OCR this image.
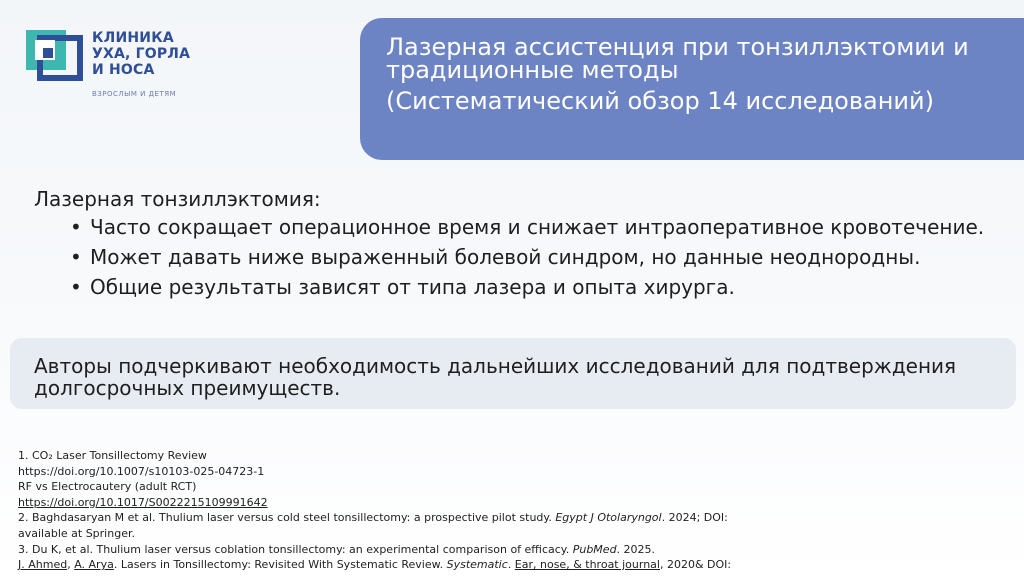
КЛИНИКА
УХА, ГОРЛА
И НОСА
ВЗРОСЛЫМ И ДЕТЯМ
Лазерная ассистенция при тонзиллэктомии и традиционные методы
(Систематический обзор 14 исследований)

Лазерная тонзиллэктомия:

• Часто сокращает операционное время и снижает интраоперативное кровотечение.
• Может давать ниже выраженный болевой синдром, но данные неоднородны.
• Общие результаты зависят от типа лазера и опыта хирурга.
Авторы подчеркивают необходимость дальнейших исследований для подтверждения долгосрочных преимуществ.
1. CO₂ Laser Tonsillectomy Review
https://doi.org/10.1007/s10103-025-04723-1
RF vs Electrocautery (adult RCT)
https://doi.org/10.1017/S0022215109991642
2. Baghdasaryan M et al. Thulium laser versus cold steel tonsillectomy: a prospective pilot study. Egypt J Otolaryngol. 2024; DOI:
available at Springer.
3. Du K, et al. Thulium laser versus coblation tonsillectomy: an experimental comparison of efficacy. PubMed. 2025.
J. Ahmed, A. Arya. Lasers in Tonsillectomy: Revisited With Systematic Review. Systematic. Ear, nose, & throat journal, 2020& DOI:
